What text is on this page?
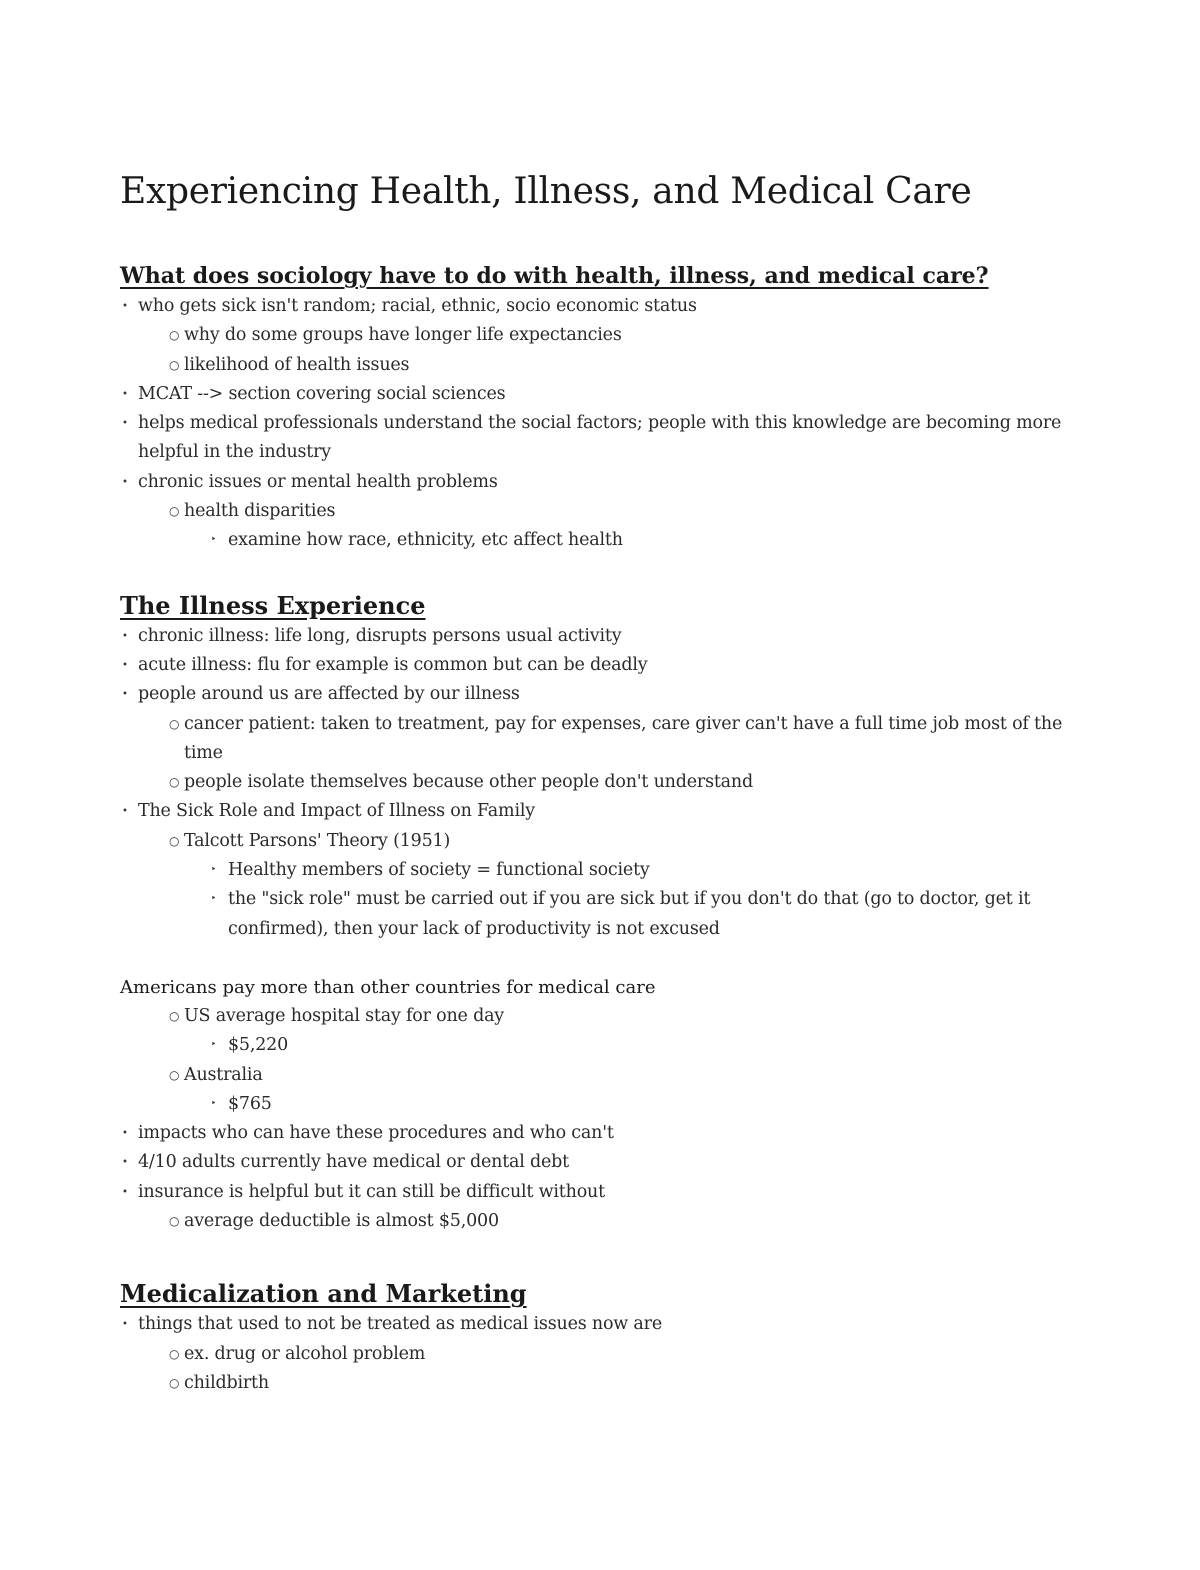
Experiencing Health, Illness, and Medical Care
What does sociology have to do with health, illness, and medical care?
• who gets sick isn't random; racial, ethnic, socio economic status
○ why do some groups have longer life expectancies
○ likelihood of health issues
• MCAT --> section covering social sciences
• helps medical professionals understand the social factors; people with this knowledge are becoming more helpful in the industry
• chronic issues or mental health problems
○ health disparities
‣ examine how race, ethnicity, etc affect health
The Illness Experience
• chronic illness: life long, disrupts persons usual activity
• acute illness: flu for example is common but can be deadly
• people around us are affected by our illness
○ cancer patient: taken to treatment, pay for expenses, care giver can't have a full time job most of the time
○ people isolate themselves because other people don't understand
• The Sick Role and Impact of Illness on Family
○ Talcott Parsons' Theory (1951)
‣ Healthy members of society = functional society
‣ the "sick role" must be carried out if you are sick but if you don't do that (go to doctor, get it confirmed), then your lack of productivity is not excused
Americans pay more than other countries for medical care
○ US average hospital stay for one day
‣ $5,220
○ Australia
‣ $765
• impacts who can have these procedures and who can't
• 4/10 adults currently have medical or dental debt
• insurance is helpful but it can still be difficult without
○ average deductible is almost $5,000
Medicalization and Marketing
• things that used to not be treated as medical issues now are
○ ex. drug or alcohol problem
○ childbirth
